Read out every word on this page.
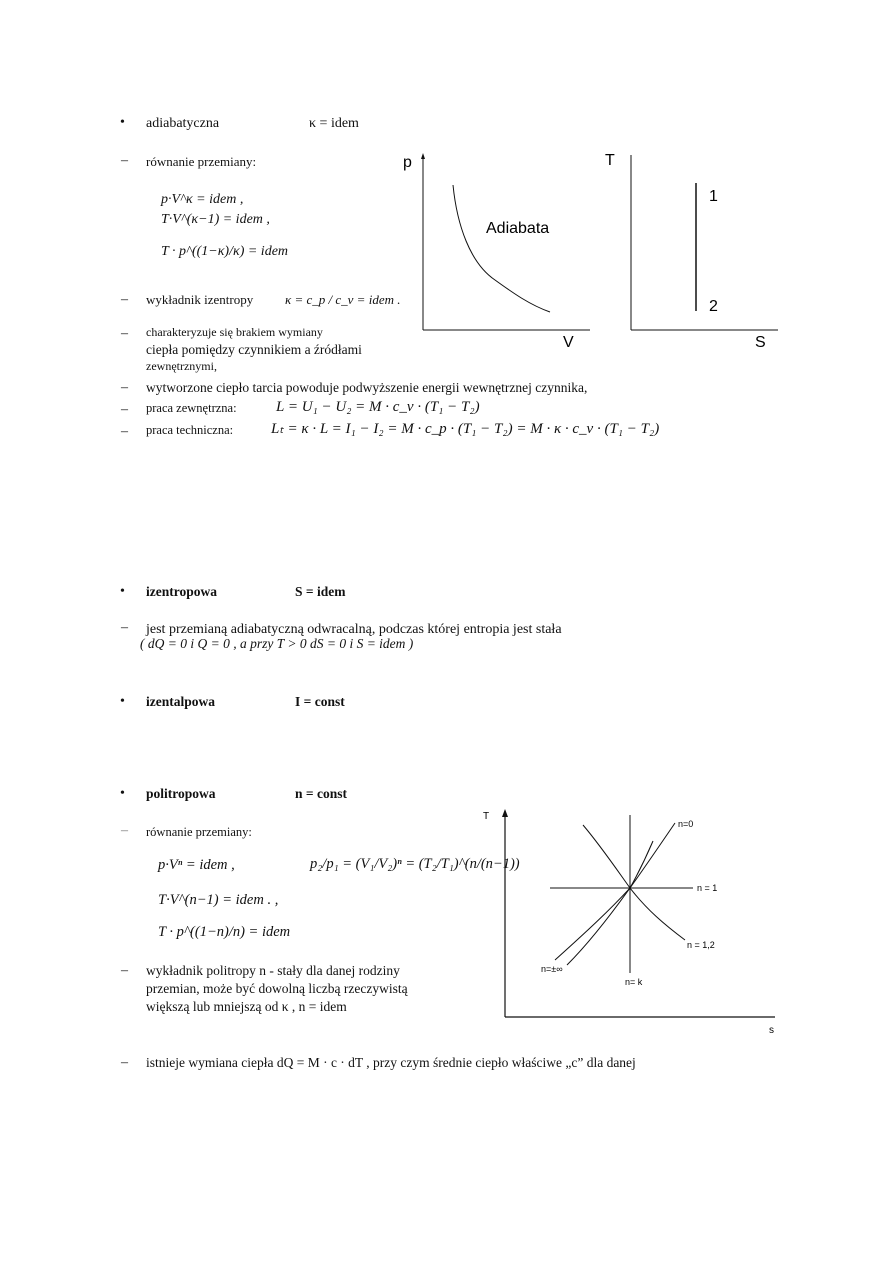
• adiabatyczna	κ = idem
– równanie przemiany:
p·V^κ = idem ,
T·V^(κ−1) = idem ,
T · p^((1−κ)/κ) = idem
– wykładnik izentropy κ = c_p / c_v = idem .
– charakteryzuje się brakiem wymiany
ciepła pomiędzy czynnikiem a źródłami
zewnętrznymi,
– wytworzone ciepło tarcia powoduje podwyższenie energii wewnętrznej czynnika,
– praca zewnętrzna:	L = U₁ − U₂ = M · c_v · (T₁ − T₂)
– praca techniczna:	Lₜ = κ · L = I₁ − I₂ = M · c_p · (T₁ − T₂) = M · κ · c_v · (T₁ − T₂)
p
V
Adiabata
T
S
1
2
• izentropowa	S = idem
– jest przemianą adiabatyczną odwracalną, podczas której entropia jest stała
( dQ = 0 i Q = 0 , a przy T > 0 dS = 0 i S = idem )
• izentalpowa	I = const
• politropowa	n = const
– równanie przemiany:
p·Vⁿ = idem ,	p₂/p₁ = (V₁/V₂)ⁿ = (T₂/T₁)^(n/(n−1))
T·V^(n−1) = idem . ,
T · p^((1−n)/n) = idem
– wykładnik politropy n - stały dla danej rodziny
przemian, może być dowolną liczbą rzeczywistą
większą lub mniejszą od κ , n = idem
– istnieje wymiana ciepła dQ = M · c · dT , przy czym średnie ciepło właściwe „c” dla danej
T
s
n=0
n = 1
n = 1,2
n=±∞
n= k
